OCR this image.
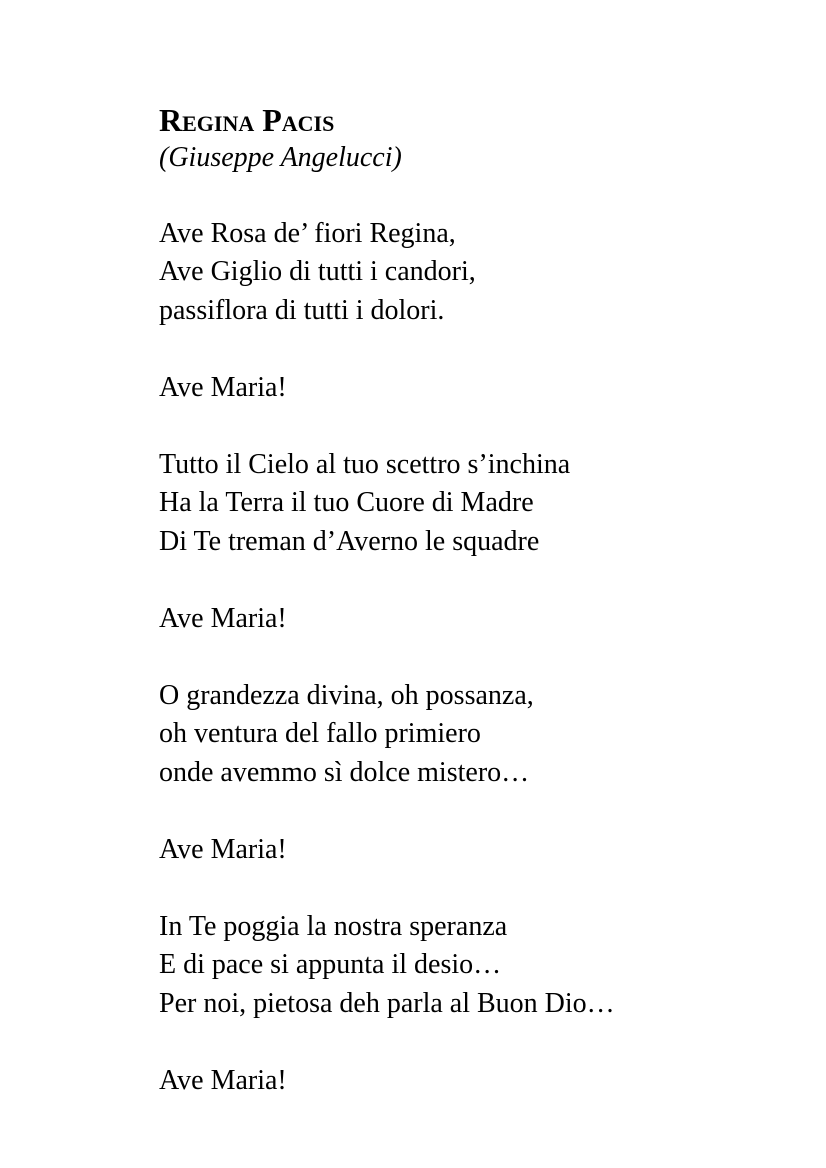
Regina Pacis

(Giuseppe Angelucci)

Ave Rosa de’ fiori Regina,
Ave Giglio di tutti i candori,
passiflora di tutti i dolori.
Ave Maria!
Tutto il Cielo al tuo scettro s’inchina
Ha la Terra il tuo Cuore di Madre
Di Te treman d’Averno le squadre
Ave Maria!
O grandezza divina, oh possanza,
oh ventura del fallo primiero
onde avemmo sì dolce mistero…
Ave Maria!
In Te poggia la nostra speranza
E di pace si appunta il desio…
Per noi, pietosa deh parla al Buon Dio…
Ave Maria!
